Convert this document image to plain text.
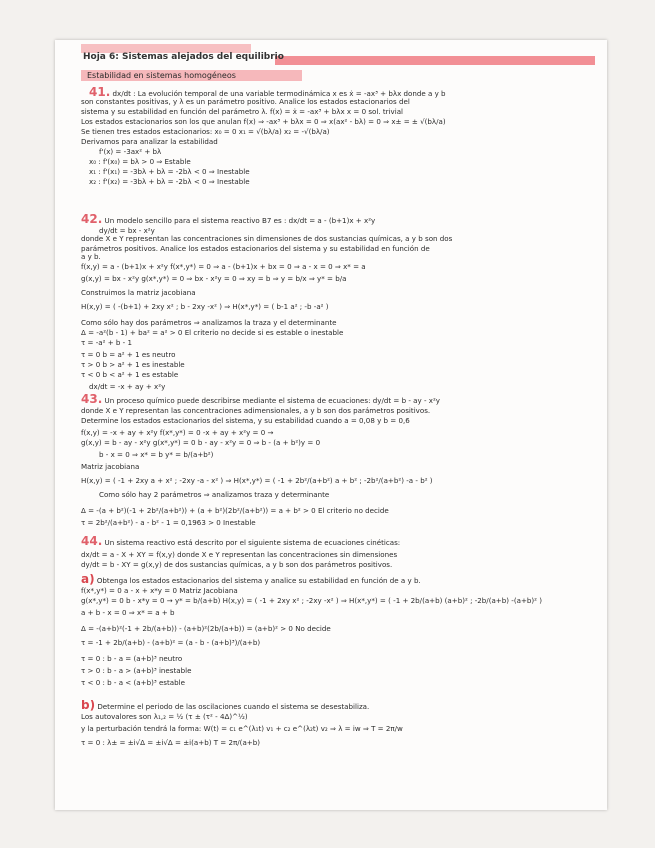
Hoja 6: Sistemas alejados del equilibrio
Estabilidad en sistemas homogéneos
41. dx/dt : La evolución temporal de una variable termodinámica x es ẋ = -ax³ + bλx donde a y b
son constantes positivas, y λ es un parámetro positivo. Analice los estados estacionarios del
sistema y su estabilidad en función del parámetro λ. f(x) = ẋ = -ax³ + bλx x = 0 sol. trivial
Los estados estacionarios son los que anulan f(x) ⇒ -ax³ + bλx = 0 ⇒ x(ax² - bλ) = 0 ⇒ x± = ± √(bλ/a)
Se tienen tres estados estacionarios: x₀ = 0 x₁ = √(bλ/a) x₂ = -√(bλ/a)
Derivamos para analizar la estabilidad
f'(x) = -3ax² + bλ
x₀ : f'(x₀) = bλ > 0 ⇒ Estable
x₁ : f'(x₁) = -3bλ + bλ = -2bλ < 0 ⇒ Inestable
x₂ : f'(x₂) = -3bλ + bλ = -2bλ < 0 ⇒ Inestable
42. Un modelo sencillo para el sistema reactivo B7 es : dx/dt = a - (b+1)x + x²y
dy/dt = bx - x²y
donde X e Y representan las concentraciones sin dimensiones de dos sustancias químicas, a y b son dos
parámetros positivos. Analice los estados estacionarios del sistema y su estabilidad en función de
a y b.
f(x,y) = a - (b+1)x + x²y f(x*,y*) = 0 ⇒ a - (b+1)x + bx = 0 ⇒ a - x = 0 ⇒ x* = a
g(x,y) = bx - x²y g(x*,y*) = 0 ⇒ bx - x²y = 0 ⇒ xy = b ⇒ y = b/x ⇒ y* = b/a
Construimos la matriz jacobiana
H(x,y) = ( -(b+1) + 2xy x² ; b - 2xy -x² ) ⇒ H(x*,y*) = ( b-1 a² ; -b -a² )
Como sólo hay dos parámetros ⇒ analizamos la traza y el determinante
Δ = -a²(b - 1) + ba² = a² > 0 El criterio no decide si es estable o inestable
τ = -a² + b - 1
τ = 0 b = a² + 1 es neutro
τ > 0 b > a² + 1 es inestable
τ < 0 b < a² + 1 es estable
dx/dt = -x + ay + x²y
43. Un proceso químico puede describirse mediante el sistema de ecuaciones: dy/dt = b - ay - x²y
donde X e Y representan las concentraciones adimensionales, a y b son dos parámetros positivos.
Determine los estados estacionarios del sistema, y su estabilidad cuando a = 0,08 y b = 0,6
f(x,y) = -x + ay + x²y f(x*,y*) = 0 -x + ay + x²y = 0 →
g(x,y) = b - ay - x²y g(x*,y*) = 0 b - ay - x²y = 0 ⇒ b - (a + b²)y = 0
b - x = 0 ⇒ x* = b y* = b/(a+b²)
Matriz jacobiana
H(x,y) = ( -1 + 2xy a + x² ; -2xy -a - x² ) ⇒ H(x*,y*) = ( -1 + 2b²/(a+b²) a + b² ; -2b²/(a+b²) -a - b² )
Como sólo hay 2 parámetros ⇒ analizamos traza y determinante
Δ = -(a + b²)(-1 + 2b²/(a+b²)) + (a + b²)(2b²/(a+b²)) = a + b² > 0 El criterio no decide
τ = 2b²/(a+b²) - a - b² - 1 = 0,1963 > 0 Inestable
44. Un sistema reactivo está descrito por el siguiente sistema de ecuaciones cinéticas:
dx/dt = a - X + XY = f(x,y) donde X e Y representan las concentraciones sin dimensiones
dy/dt = b - XY = g(x,y) de dos sustancias químicas, a y b son dos parámetros positivos.
a) Obtenga los estados estacionarios del sistema y analice su estabilidad en función de a y b.
f(x*,y*) = 0 a - x + x*y = 0 Matriz Jacobiana
g(x*,y*) = 0 b - x*y = 0 → y* = b/(a+b) H(x,y) = ( -1 + 2xy x² ; -2xy -x² ) ⇒ H(x*,y*) = ( -1 + 2b/(a+b) (a+b)² ; -2b/(a+b) -(a+b)² )
a + b - x = 0 ⇒ x* = a + b
Δ = -(a+b)²(-1 + 2b/(a+b)) - (a+b)²(2b/(a+b)) = (a+b)² > 0 No decide
τ = -1 + 2b/(a+b) - (a+b)² = (a - b - (a+b)³)/(a+b)
τ = 0 : b - a = (a+b)³ neutro
τ > 0 : b - a > (a+b)³ inestable
τ < 0 : b - a < (a+b)³ estable
b) Determine el periodo de las oscilaciones cuando el sistema se desestabiliza.
Los autovalores son λ₁,₂ = ½ (τ ± (τ² - 4Δ)^½)
y la perturbación tendrá la forma: W(t) = c₁ e^(λ₁t) v₁ + c₂ e^(λ₂t) v₂ ⇒ λ = iw ⇒ T = 2π/w
τ = 0 : λ± = ±i√Δ = ±i√Δ = ±i(a+b) T = 2π/(a+b)
